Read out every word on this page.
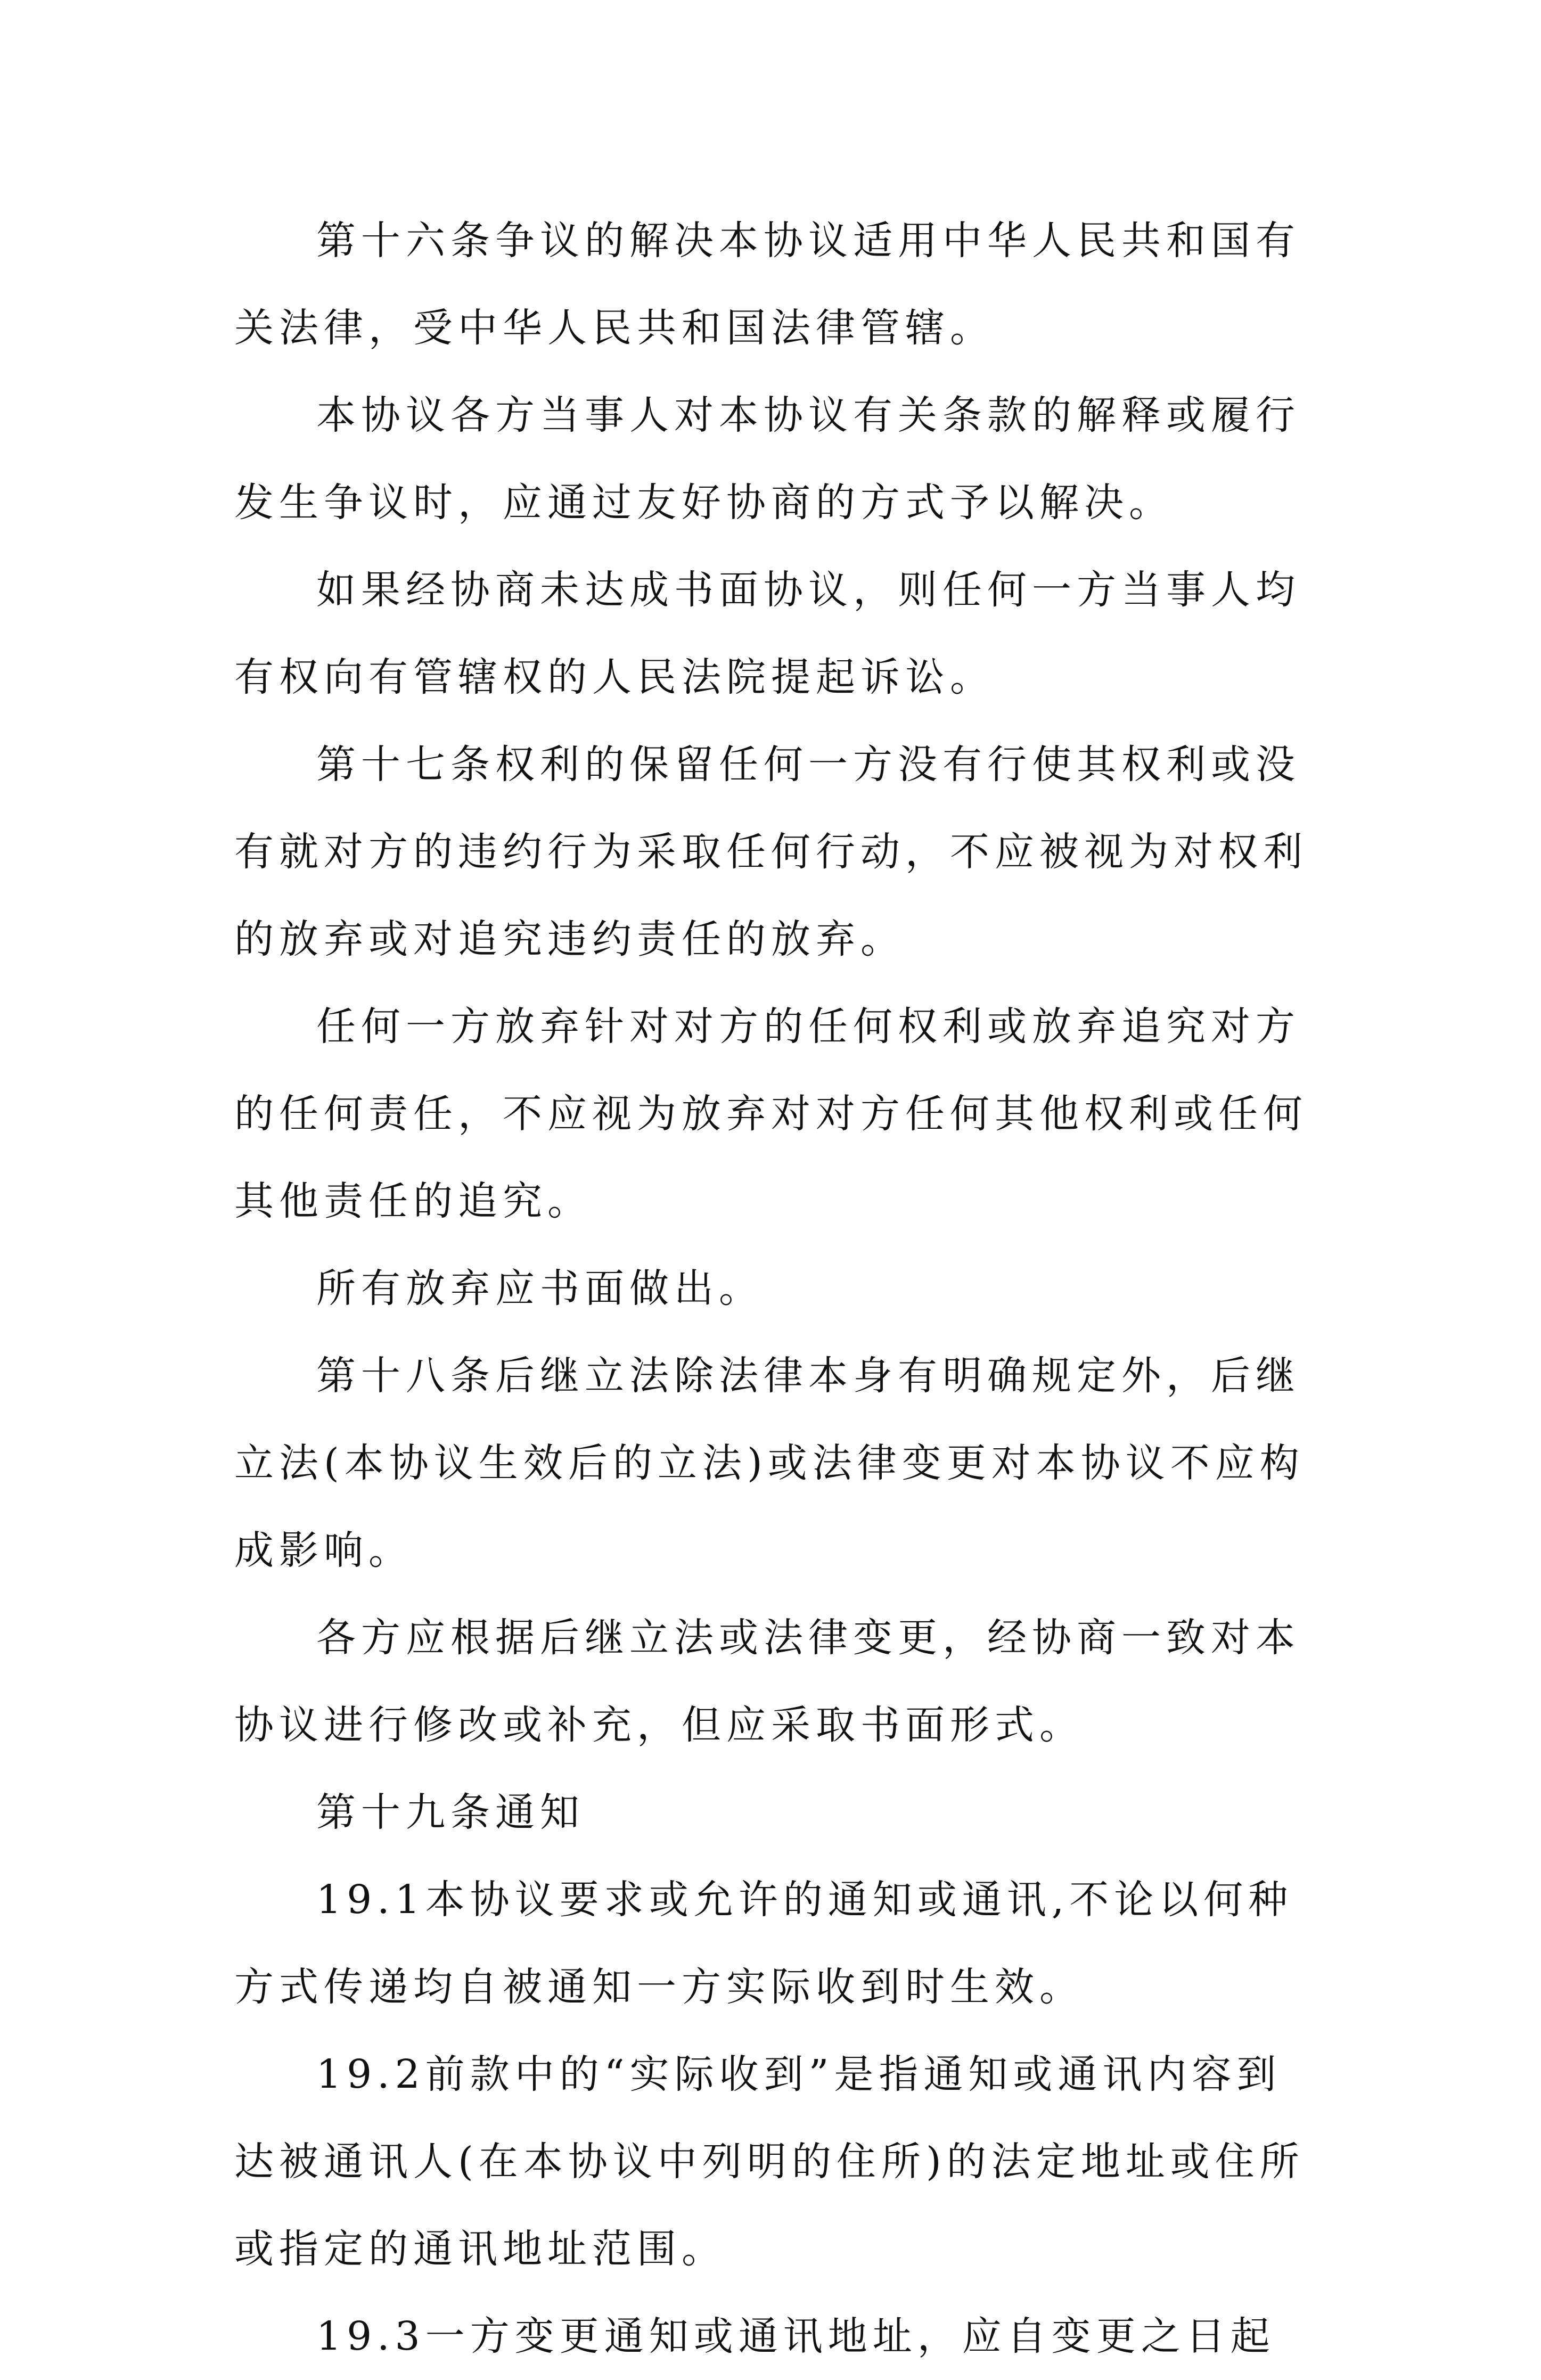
第十六条争议的解决本协议适用中华人民共和国有关法律，受中华人民共和国法律管辖。

本协议各方当事人对本协议有关条款的解释或履行发生争议时，应通过友好协商的方式予以解决。

如果经协商未达成书面协议，则任何一方当事人均有权向有管辖权的人民法院提起诉讼。

第十七条权利的保留任何一方没有行使其权利或没有就对方的违约行为采取任何行动，不应被视为对权利的放弃或对追究违约责任的放弃。

任何一方放弃针对对方的任何权利或放弃追究对方的任何责任，不应视为放弃对对方任何其他权利或任何其他责任的追究。

所有放弃应书面做出。

第十八条后继立法除法律本身有明确规定外，后继立法(本协议生效后的立法)或法律变更对本协议不应构成影响。

各方应根据后继立法或法律变更，经协商一致对本协议进行修改或补充，但应采取书面形式。

第十九条通知

19.1本协议要求或允许的通知或通讯,不论以何种方式传递均自被通知一方实际收到时生效。

19.2前款中的“实际收到”是指通知或通讯内容到达被通讯人(在本协议中列明的住所)的法定地址或住所或指定的通讯地址范围。

19.3一方变更通知或通讯地址，应自变更之日起
